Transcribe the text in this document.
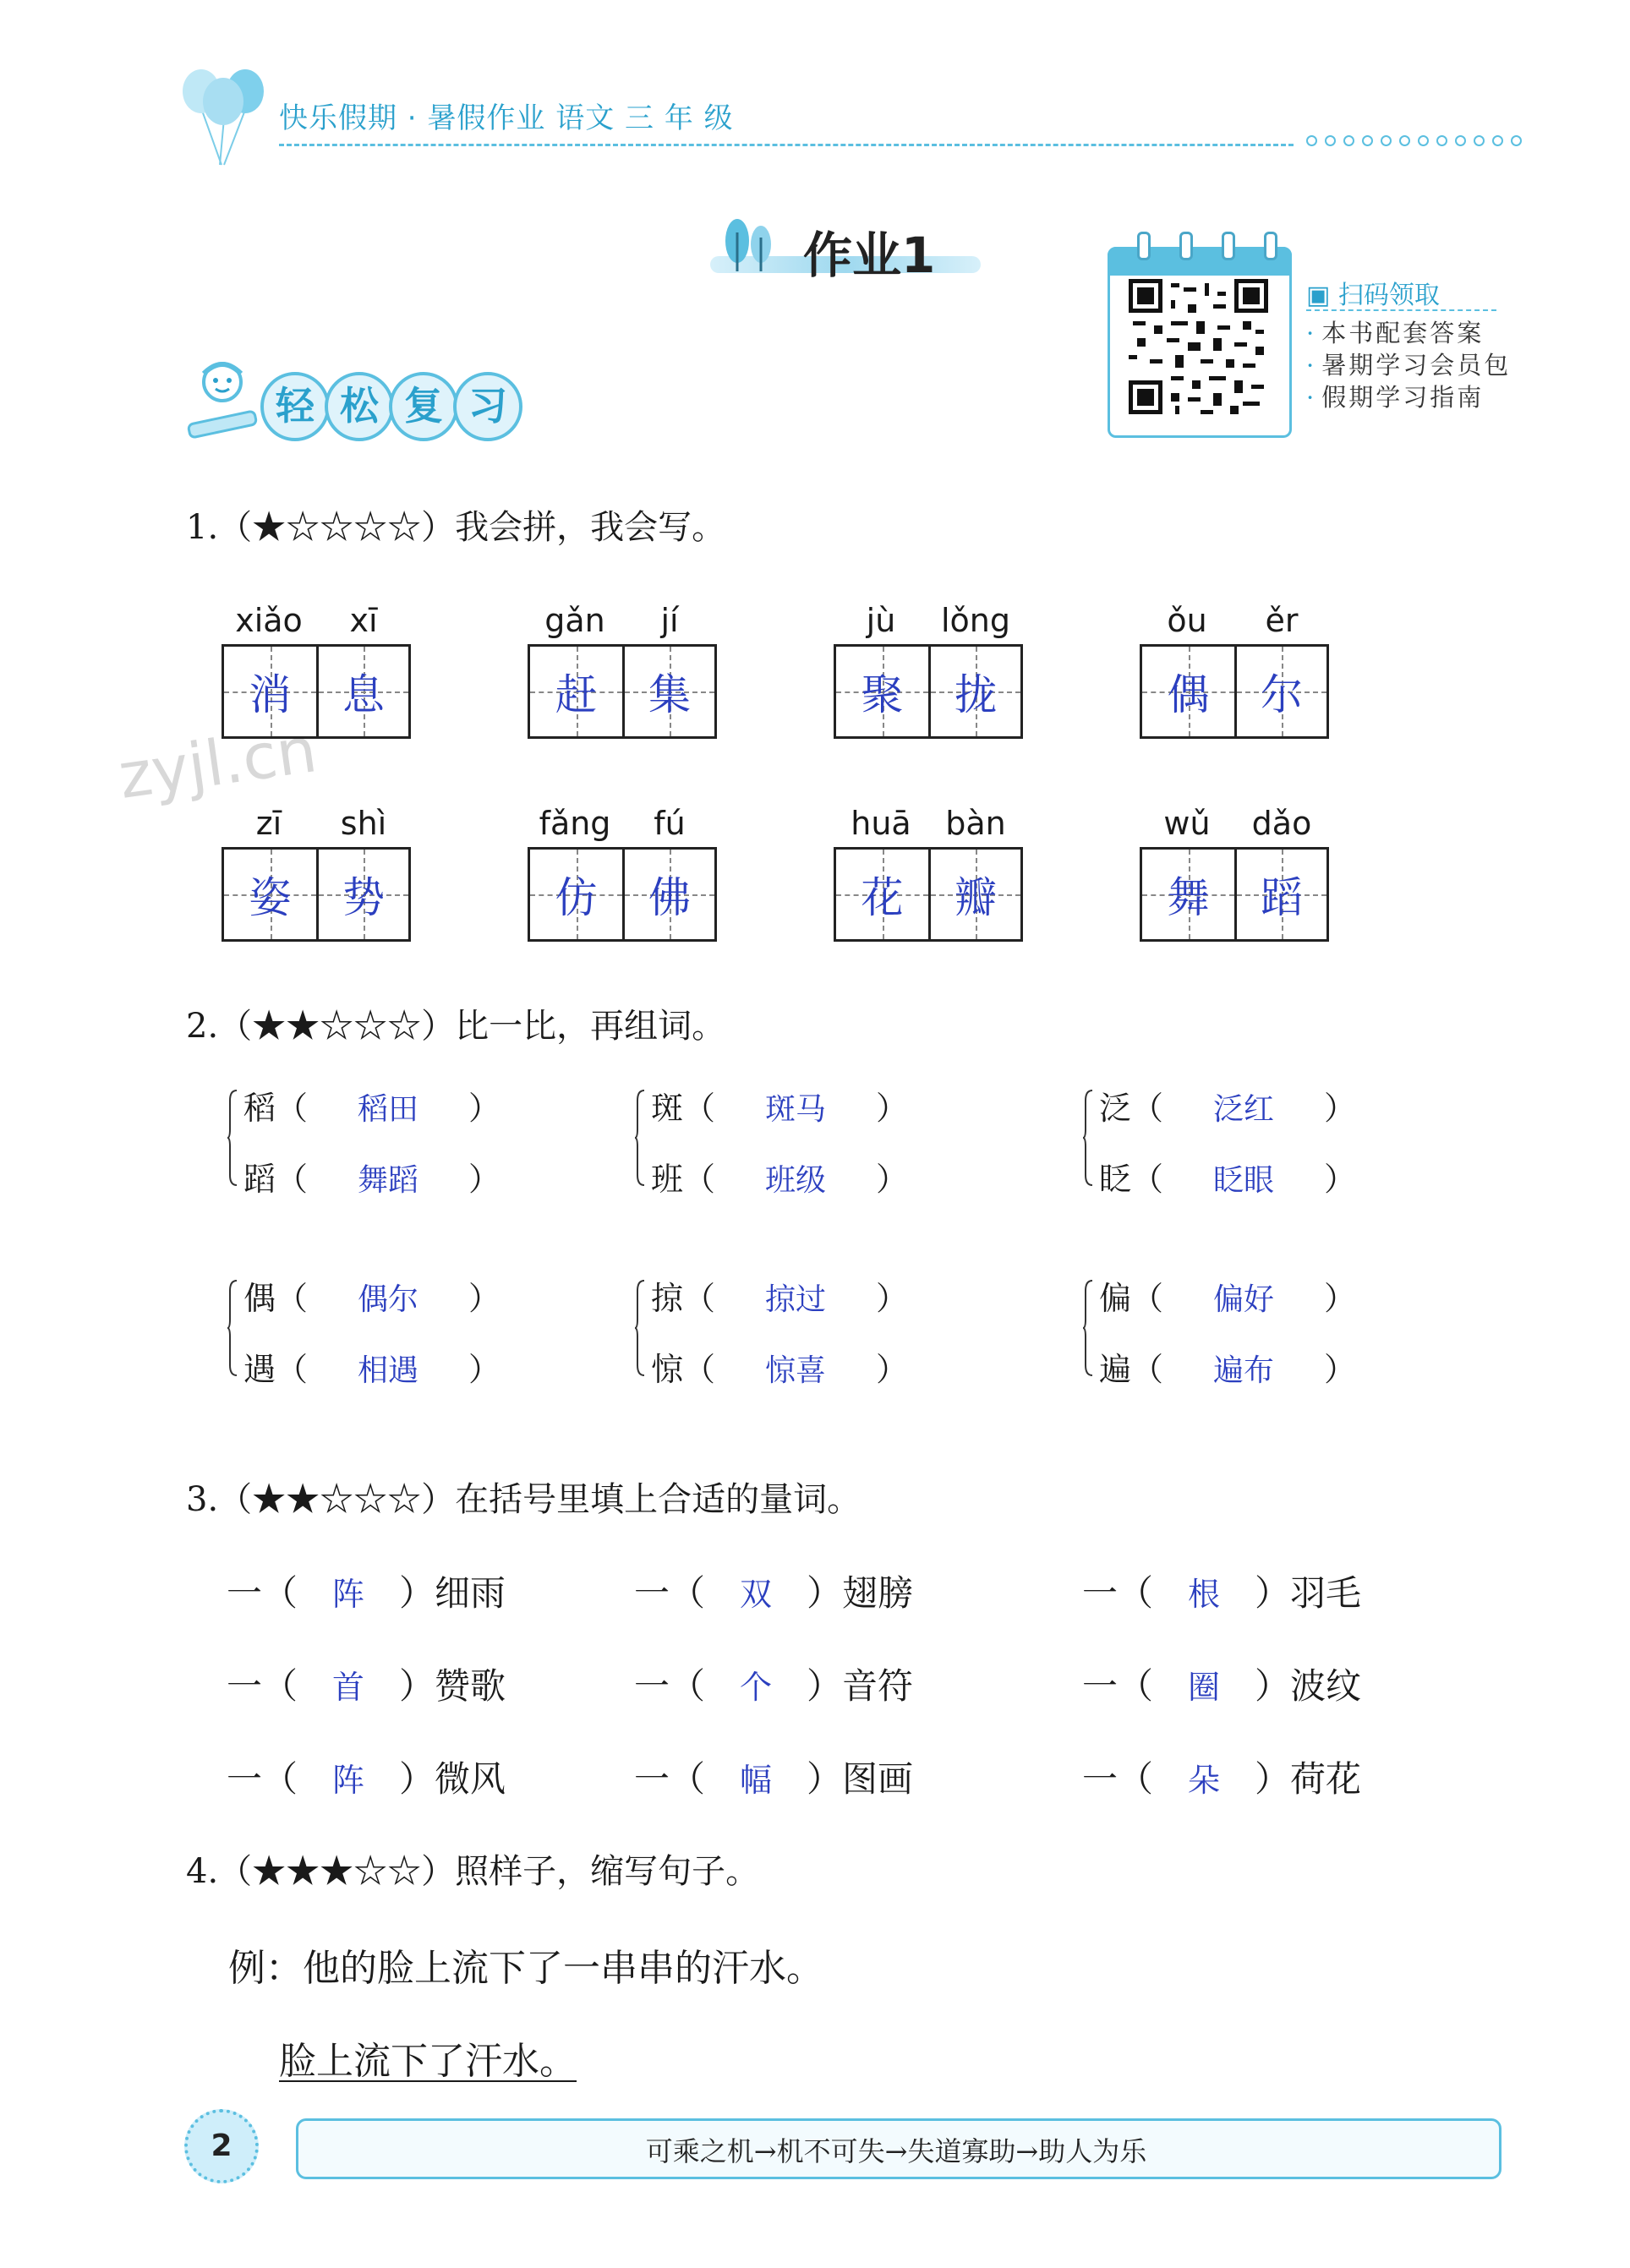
快乐假期 · 暑假作业 语文 三 年 级
作业1
▣ 扫码领取
· 本书配套答案
· 暑期学习会员包
· 假期学习指南
轻 松 复 习
zyjl.cn
1.（★☆☆☆☆）我会拼，我会写。
xiǎo	xī
消	息
gǎn	jí
赶	集
jù	lǒng
聚	拢
ǒu	ěr
偶	尔
zī	shì
姿	势
fǎng	fú
仿	佛
huā	bàn
花	瓣
wǔ	dǎo
舞	蹈
2.（★★☆☆☆）比一比，再组词。
稻（ 稻田 ）
蹈（ 舞蹈 ）
斑（ 斑马 ）
班（ 班级 ）
泛（ 泛红 ）
眨（ 眨眼 ）
偶（ 偶尔 ）
遇（ 相遇 ）
掠（ 掠过 ）
惊（ 惊喜 ）
偏（ 偏好 ）
遍（ 遍布 ）
3.（★★☆☆☆）在括号里填上合适的量词。
一（ 阵 ）细雨	一（ 双 ）翅膀	一（ 根 ）羽毛
一（ 首 ）赞歌	一（ 个 ）音符	一（ 圈 ）波纹
一（ 阵 ）微风	一（ 幅 ）图画	一（ 朵 ）荷花
4.（★★★☆☆）照样子，缩写句子。
例：他的脸上流下了一串串的汗水。
脸上流下了汗水。
2	可乘之机→机不可失→失道寡助→助人为乐
